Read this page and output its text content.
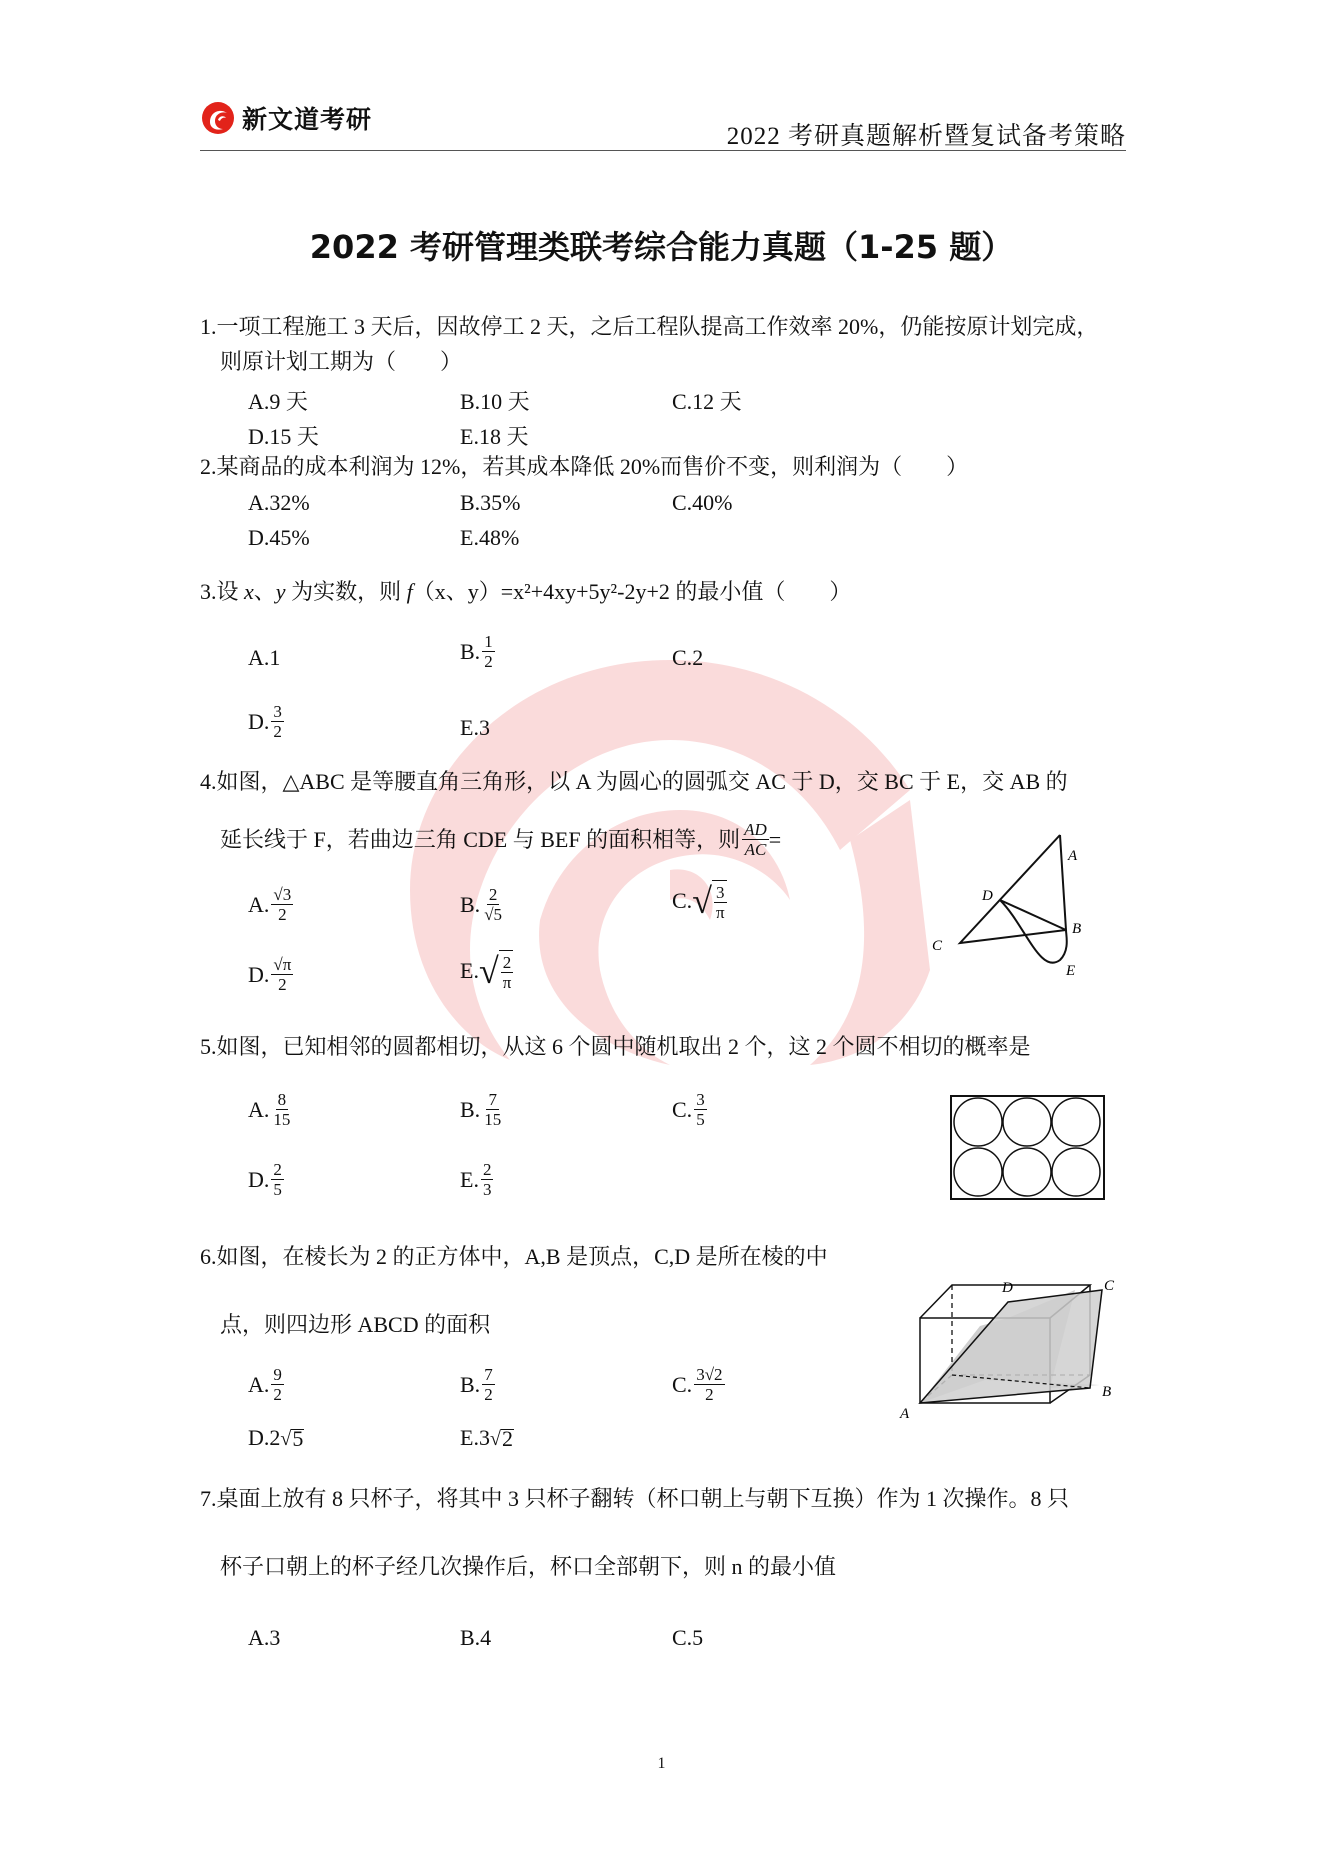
新文道考研
2022 考研真题解析暨复试备考策略
2022 考研管理类联考综合能力真题（1-25 题）
1.一项工程施工 3 天后，因故停工 2 天，之后工程队提高工作效率 20%，仍能按原计划完成，
则原计划工期为（　　）
A.9 天	B.10 天	C.12 天
D.15 天	E.18 天
2.某商品的成本利润为 12%，若其成本降低 20%而售价不变，则利润为（　　）
A.32%	B.35%	C.40%
D.45%	E.48%
3.设 x、y 为实数，则 f（x、y）=x²+4xy+5y²-2y+2 的最小值（　　）
A. 1	B. $\frac{1}{2}$	C. 2
D. $\frac{3}{2}$	E. 3
4.如图，△ABC 是等腰直角三角形，以 A 为圆心的圆弧交 AC 于 D，交 BC 于 E，交 AB 的
延长线于 F，若曲边三角 CDE 与 BEF 的面积相等，则 $\frac{AD}{AC}$ =
A. $\frac{√3}{2}$	B. $\frac{2}{√5}$	C. √ $\frac{3}{\pi}$
D. $\frac{√\pi}{2}$	E. √ $\frac{2}{\pi}$
A
D
B
C
E
5.如图，已知相邻的圆都相切，从这 6 个圆中随机取出 2 个，这 2 个圆不相切的概率是
A. $\frac{8}{15}$	B. $\frac{7}{15}$	C. $\frac{3}{5}$
D. $\frac{2}{5}$	E. $\frac{2}{3}$
6.如图，在棱长为 2 的正方体中，A,B 是顶点，C,D 是所在棱的中
点，则四边形 ABCD 的面积
A. $\frac{9}{2}$	B. $\frac{7}{2}$	C. $\frac{3√2}{2}$
D. 2 √ 5	E. 3 √ 2
D	C
B
A
7.桌面上放有 8 只杯子，将其中 3 只杯子翻转（杯口朝上与朝下互换）作为 1 次操作。8 只
杯子口朝上的杯子经几次操作后，杯口全部朝下，则 n 的最小值
A.3	B.4	C.5
1
